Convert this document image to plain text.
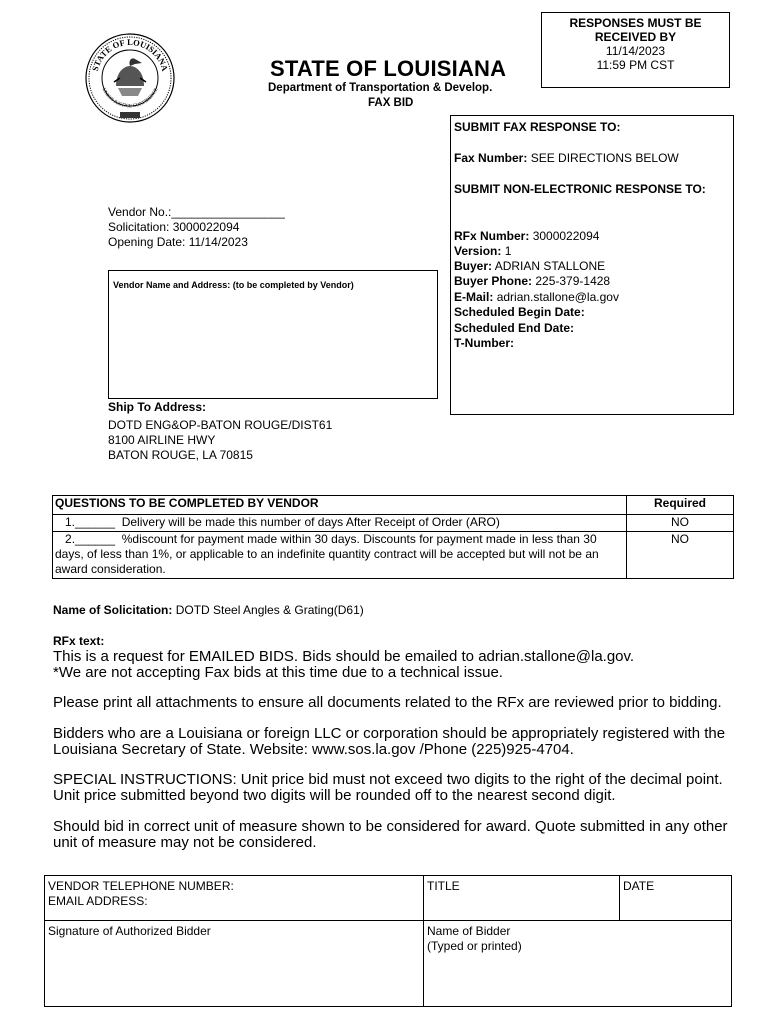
STATE OF LOUISIANA
UNION JUSTICE CONFIDENCE
RESPONSES MUST BE
RECEIVED BY
11/14/2023
11:59 PM CST
STATE OF LOUISIANA
Department of Transportation & Develop.
FAX BID
SUBMIT FAX RESPONSE TO:
Fax Number: SEE DIRECTIONS BELOW
SUBMIT NON-ELECTRONIC RESPONSE TO:
RFx Number: 3000022094
Version: 1
Buyer: ADRIAN STALLONE
Buyer Phone: 225-379-1428
E-Mail: adrian.stallone@la.gov
Scheduled Begin Date:
Scheduled End Date:
T-Number:
Vendor No.:_________________
Solicitation: 3000022094
Opening Date: 11/14/2023
Vendor Name and Address: (to be completed by Vendor)
Ship To Address:
DOTD ENG&OP-BATON ROUGE/DIST61
8100 AIRLINE HWY
BATON ROUGE, LA 70815
QUESTIONS TO BE COMPLETED BY VENDOR	Required
1.______  Delivery will be made this number of days After Receipt of Order (ARO)	NO
2.______  %discount for payment made within 30 days. Discounts for payment made in less than 30 days, of less than 1%, or applicable to an indefinite quantity contract will be accepted but will not be an award consideration.	NO
Name of Solicitation: DOTD Steel Angles & Grating(D61)
RFx text:
This is a request for EMAILED BIDS. Bids should be emailed to adrian.stallone@la.gov.
*We are not accepting Fax bids at this time due to a technical issue.
Please print all attachments to ensure all documents related to the RFx are reviewed prior to bidding.
Bidders who are a Louisiana or foreign LLC or corporation should be appropriately registered with the
Louisiana Secretary of State. Website: www.sos.la.gov /Phone (225)925-4704.
SPECIAL INSTRUCTIONS: Unit price bid must not exceed two digits to the right of the decimal point.
Unit price submitted beyond two digits will be rounded off to the nearest second digit.
Should bid in correct unit of measure shown to be considered for award. Quote submitted in any other
unit of measure may not be considered.
VENDOR TELEPHONE NUMBER:
EMAIL ADDRESS:	TITLE	DATE

Signature of Authorized Bidder	Name of Bidder
(Typed or printed)	
